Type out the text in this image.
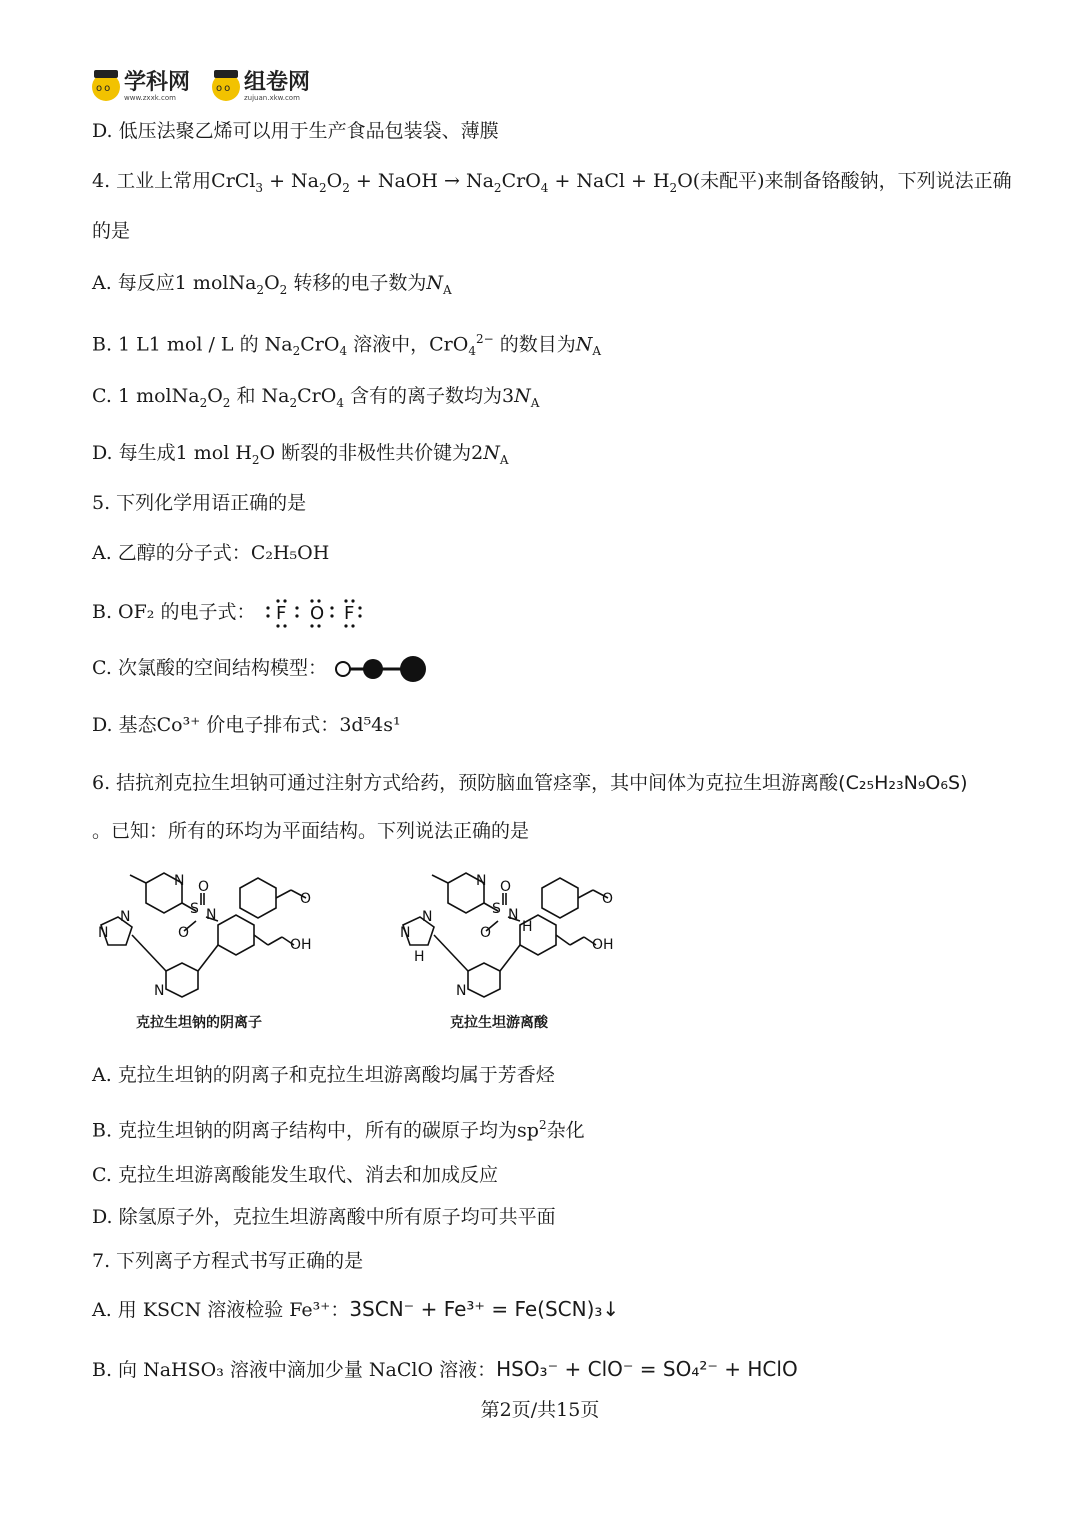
oo 学科网
www.zxxk.com
oo 组卷网
zujuan.xkw.com
D. 低压法聚乙烯可以用于生产食品包装袋、薄膜
4. 工业上常用CrCl$_3$ + $Na_2O_2$ + NaOH → $Na_2CrO_4$ + NaCl + $H_2O$(未配平)来制备铬酸钠，下列说法正确
的是
A. 每反应1 $molNa_2O_2$ 转移的电子数为$N_A$
B. 1 L1 mol / L 的 $Na_2CrO_4$ 溶液中，CrO$_4^{2-}$ 的数目为$N_A$
C. 1 $molNa_2O_2$ 和 $Na_2CrO_4$ 含有的离子数均为$3N_A$
D. 每生成1 mol $H_2O$ 断裂的非极性共价键为$2N_A$
5. 下列化学用语正确的是
A. 乙醇的分子式：C₂H₅OH
B. OF₂ 的电子式： F O F
C. 次氯酸的空间结构模型：
D. 基态Co³⁺ 价电子排布式：3d⁵4s¹
6. 拮抗剂克拉生坦钠可通过注射方式给药，预防脑血管痉挛，其中间体为克拉生坦游离酸(C₂₅H₂₃N₉O₆S)
。已知：所有的环均为平面结构。下列说法正确的是
N
S N
O
O
O
OH
N
N
N
N
S N
H
O
O
O
OH
N
N
H
N
克拉生坦钠的阴离子	克拉生坦游离酸
A. 克拉生坦钠的阴离子和克拉生坦游离酸均属于芳香烃
B. 克拉生坦钠的阴离子结构中，所有的碳原子均为$sp^2$杂化
C. 克拉生坦游离酸能发生取代、消去和加成反应
D. 除氢原子外，克拉生坦游离酸中所有原子均可共平面
7. 下列离子方程式书写正确的是
A. 用 KSCN 溶液检验 Fe³⁺：3SCN⁻ + Fe³⁺ = Fe(SCN)₃↓
B. 向 NaHSO₃ 溶液中滴加少量 NaClO 溶液：HSO₃⁻ + ClO⁻ = SO₄²⁻ + HClO
第2页/共15页
